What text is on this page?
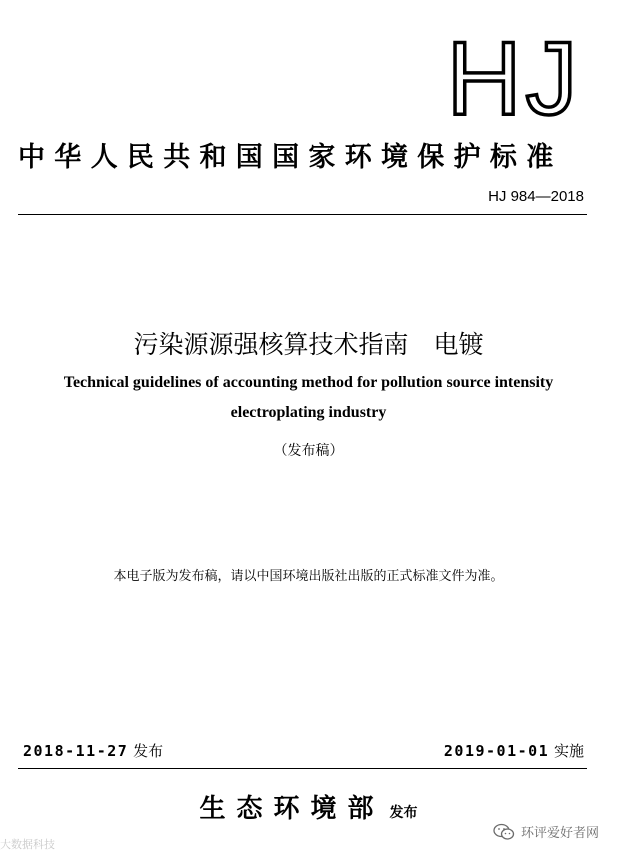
HJ
中华人民共和国国家环境保护标准
HJ 984—2018
污染源源强核算技术指南　电镀
Technical guidelines of accounting method for pollution source intensity
electroplating industry
（发布稿）
本电子版为发布稿，请以中国环境出版社出版的正式标准文件为准。
2018-11-27 发布	2019-01-01 实施
生态环境部 发布
大数据科技
环评爱好者网
